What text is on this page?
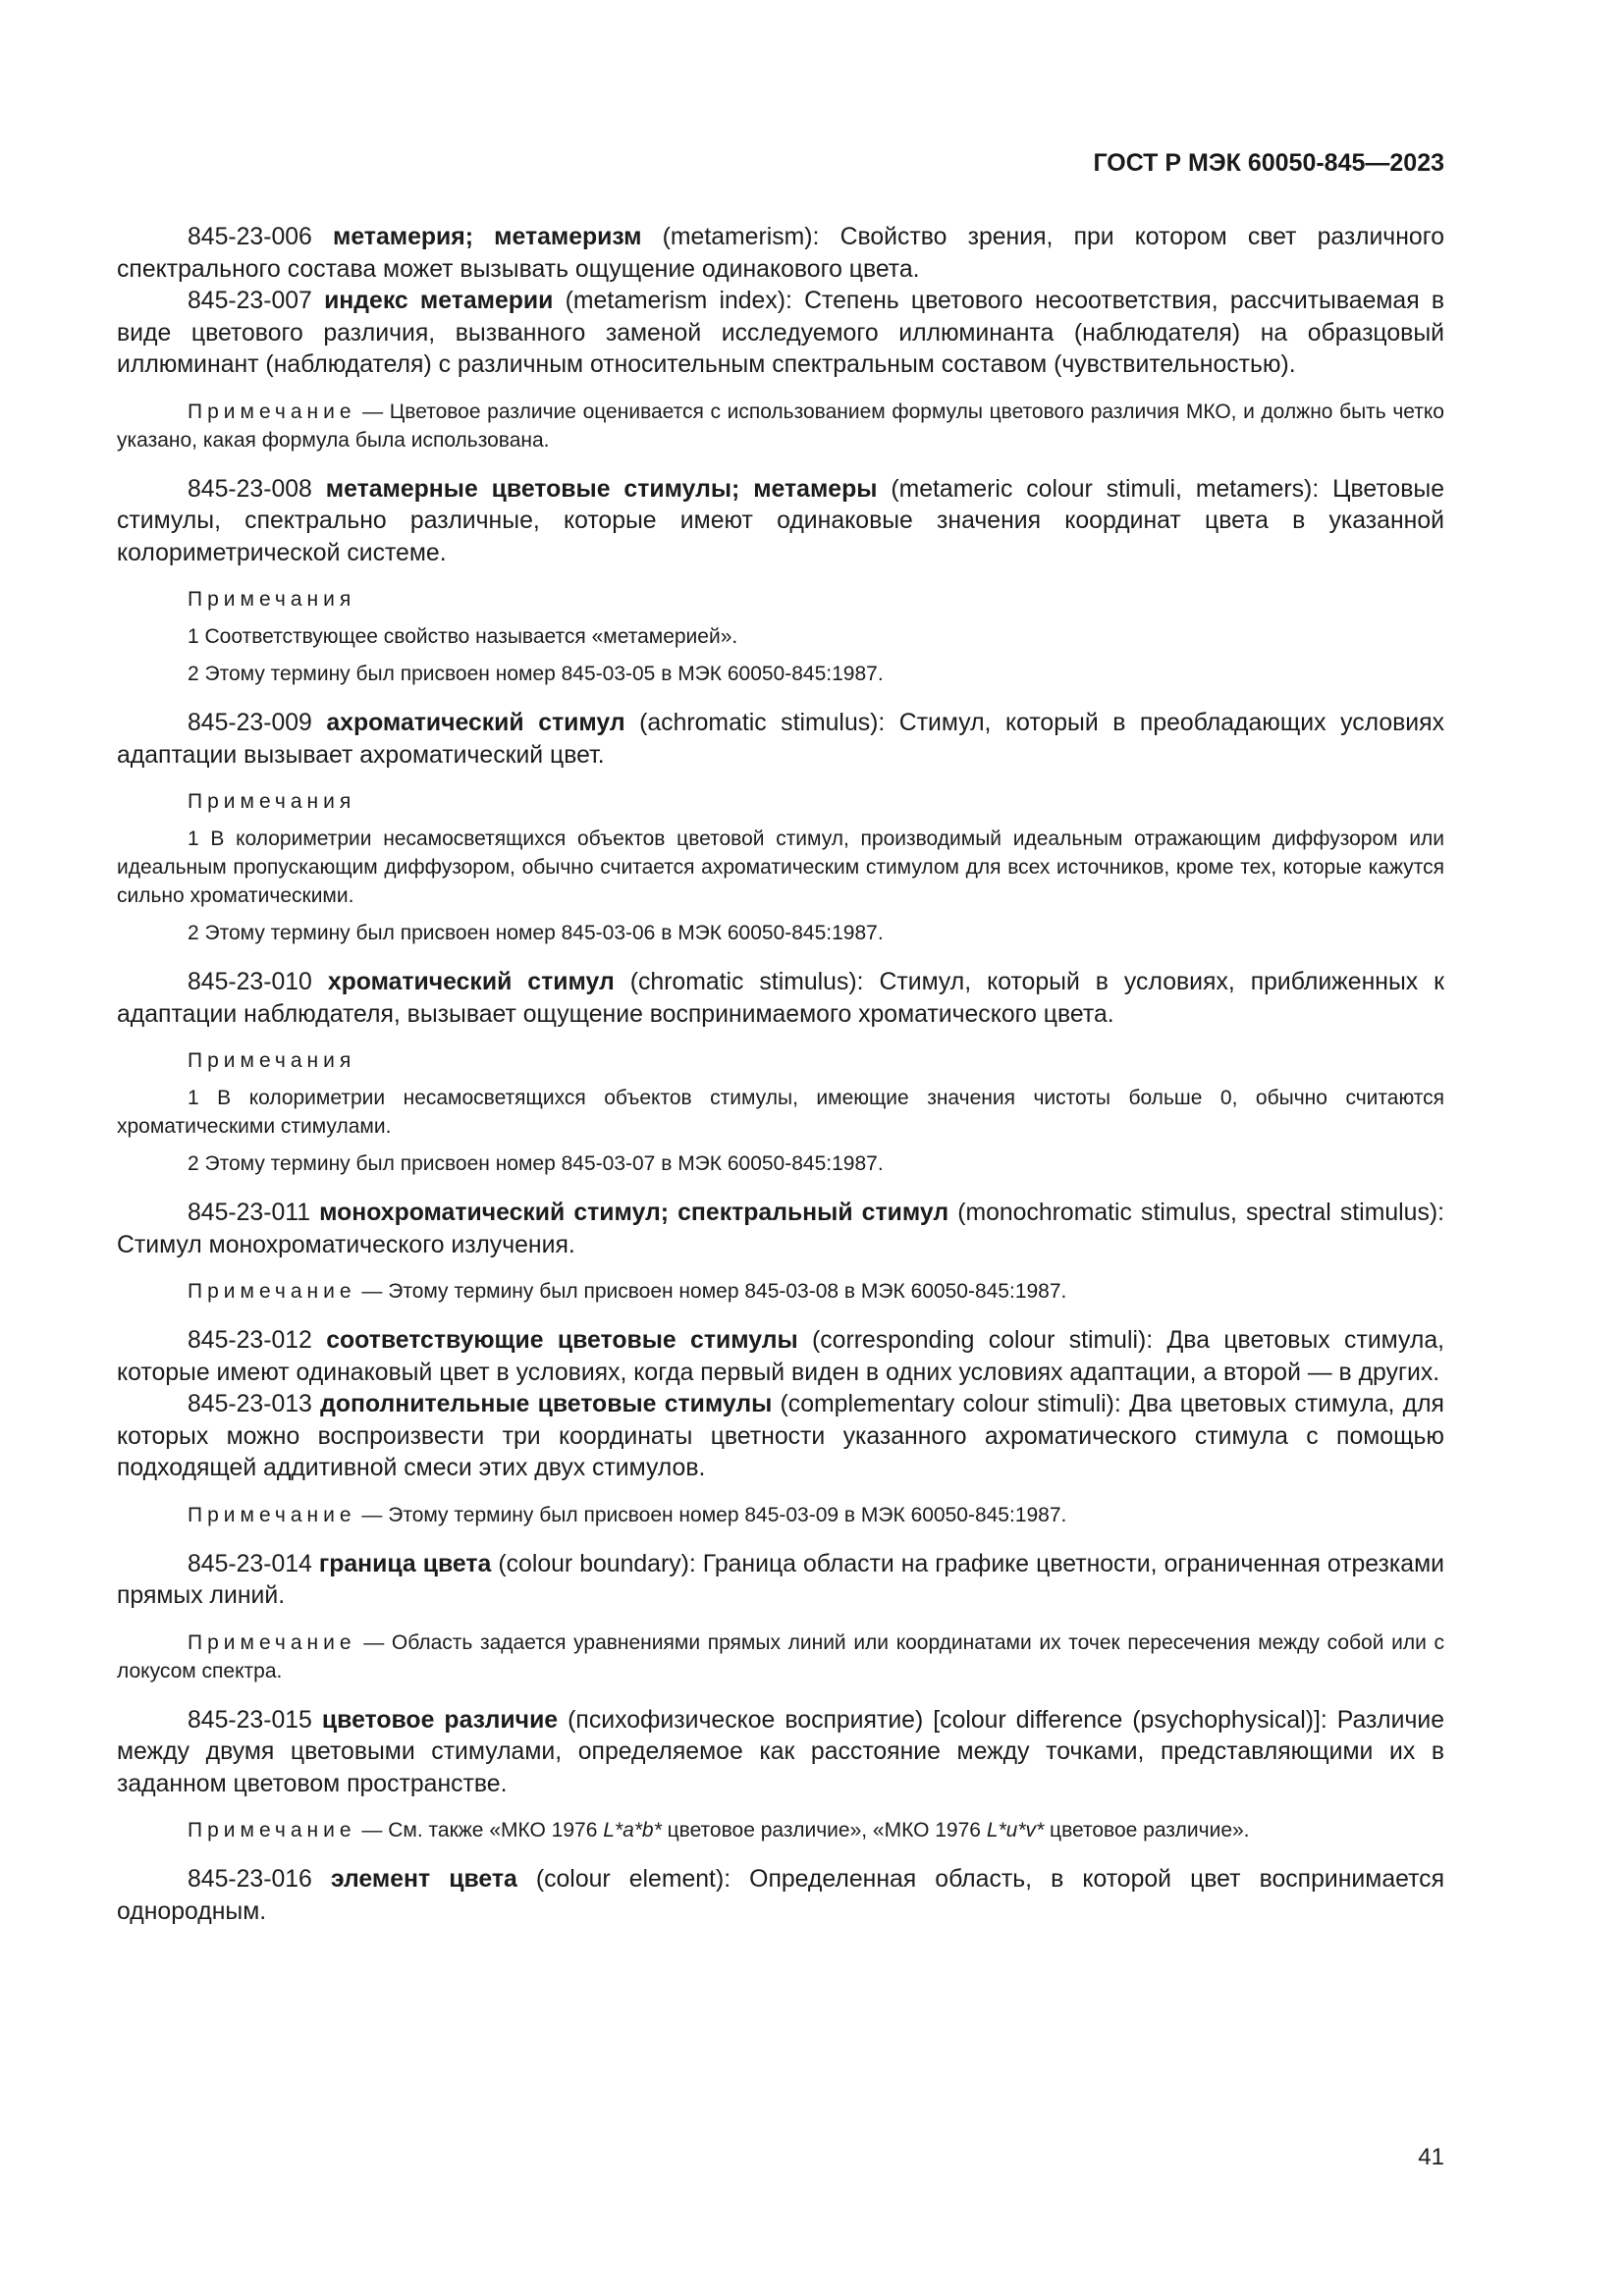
ГОСТ Р МЭК 60050-845—2023

845-23-006 метамерия; метамеризм (metamerism): Свойство зрения, при котором свет различного спектрального состава может вызывать ощущение одинакового цвета.

845-23-007 индекс метамерии (metamerism index): Степень цветового несоответствия, рассчитываемая в виде цветового различия, вызванного заменой исследуемого иллюминанта (наблюдателя) на образцовый иллюминант (наблюдателя) с различным относительным спектральным составом (чувствительностью).

Примечание — Цветовое различие оценивается с использованием формулы цветового различия МКО, и должно быть четко указано, какая формула была использована.

845-23-008 метамерные цветовые стимулы; метамеры (metameric colour stimuli, metamers): Цветовые стимулы, спектрально различные, которые имеют одинаковые значения координат цвета в указанной колориметрической системе.

Примечания

1 Соответствующее свойство называется «метамерией».

2 Этому термину был присвоен номер 845-03-05 в МЭК 60050-845:1987.

845-23-009 ахроматический стимул (achromatic stimulus): Стимул, который в преобладающих условиях адаптации вызывает ахроматический цвет.

Примечания

1 В колориметрии несамосветящихся объектов цветовой стимул, производимый идеальным отражающим диффузором или идеальным пропускающим диффузором, обычно считается ахроматическим стимулом для всех источников, кроме тех, которые кажутся сильно хроматическими.

2 Этому термину был присвоен номер 845-03-06 в МЭК 60050-845:1987.

845-23-010 хроматический стимул (chromatic stimulus): Стимул, который в условиях, приближенных к адаптации наблюдателя, вызывает ощущение воспринимаемого хроматического цвета.

Примечания

1 В колориметрии несамосветящихся объектов стимулы, имеющие значения чистоты больше 0, обычно считаются хроматическими стимулами.

2 Этому термину был присвоен номер 845-03-07 в МЭК 60050-845:1987.

845-23-011 монохроматический стимул; спектральный стимул (monochromatic stimulus, spectral stimulus): Стимул монохроматического излучения.

Примечание — Этому термину был присвоен номер 845-03-08 в МЭК 60050-845:1987.

845-23-012 соответствующие цветовые стимулы (corresponding colour stimuli): Два цветовых стимула, которые имеют одинаковый цвет в условиях, когда первый виден в одних условиях адаптации, а второй — в других.

845-23-013 дополнительные цветовые стимулы (complementary colour stimuli): Два цветовых стимула, для которых можно воспроизвести три координаты цветности указанного ахроматического стимула с помощью подходящей аддитивной смеси этих двух стимулов.

Примечание — Этому термину был присвоен номер 845-03-09 в МЭК 60050-845:1987.

845-23-014 граница цвета (colour boundary): Граница области на графике цветности, ограниченная отрезками прямых линий.

Примечание — Область задается уравнениями прямых линий или координатами их точек пересечения между собой или с локусом спектра.

845-23-015 цветовое различие (психофизическое восприятие) [colour difference (psychophysical)]: Различие между двумя цветовыми стимулами, определяемое как расстояние между точками, представляющими их в заданном цветовом пространстве.

Примечание — См. также «МКО 1976 L*a*b* цветовое различие», «МКО 1976 L*u*v* цветовое различие».

845-23-016 элемент цвета (colour element): Определенная область, в которой цвет воспринимается однородным.

41
